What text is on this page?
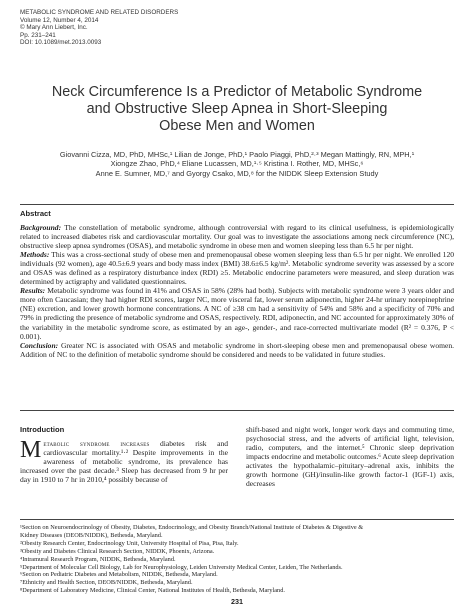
METABOLIC SYNDROME AND RELATED DISORDERS
Volume 12, Number 4, 2014
© Mary Ann Liebert, Inc.
Pp. 231–241
DOI: 10.1089/met.2013.0093
Neck Circumference Is a Predictor of Metabolic Syndrome
and Obstructive Sleep Apnea in Short-Sleeping
Obese Men and Women
Giovanni Cizza, MD, PhD, MHSc,¹ Lilian de Jonge, PhD,¹ Paolo Piaggi, PhD,²·³ Megan Mattingly, RN, MPH,¹
Xiongze Zhao, PhD,⁴ Eliane Lucassen, MD,¹·⁵ Kristina I. Rother, MD, MHSc,⁶
Anne E. Sumner, MD,⁷ and Gyorgy Csako, MD,⁸ for the NIDDK Sleep Extension Study
Abstract

Background: The constellation of metabolic syndrome, although controversial with regard to its clinical usefulness, is epidemiologically related to increased diabetes risk and cardiovascular mortality. Our goal was to investigate the associations among neck circumference (NC), obstructive sleep apnea syndromes (OSAS), and metabolic syndrome in obese men and women sleeping less than 6.5 hr per night.

Methods: This was a cross-sectional study of obese men and premenopausal obese women sleeping less than 6.5 hr per night. We enrolled 120 individuals (92 women), age 40.5±6.9 years and body mass index (BMI) 38.6±6.5 kg/m². Metabolic syndrome severity was assessed by a score and OSAS was defined as a respiratory disturbance index (RDI) ≥5. Metabolic endocrine parameters were measured, and sleep duration was determined by actigraphy and validated questionnaires.

Results: Metabolic syndrome was found in 41% and OSAS in 58% (28% had both). Subjects with metabolic syndrome were 3 years older and more often Caucasian; they had higher RDI scores, larger NC, more visceral fat, lower serum adiponectin, higher 24-hr urinary norepinephrine (NE) excretion, and lower growth hormone concentrations. A NC of ≥38 cm had a sensitivity of 54% and 58% and a specificity of 70% and 79% in predicting the presence of metabolic syndrome and OSAS, respectively. RDI, adiponectin, and NC accounted for approximately 30% of the variability in the metabolic syndrome score, as estimated by an age-, gender-, and race-corrected multivariate model (R² = 0.376, P < 0.001).

Conclusion: Greater NC is associated with OSAS and metabolic syndrome in short-sleeping obese men and premenopausal obese women. Addition of NC to the definition of metabolic syndrome should be considered and needs to be validated in future studies.

Introduction

Metabolic syndrome increases diabetes risk and cardiovascular mortality.¹·² Despite improvements in the awareness of metabolic syndrome, its prevalence has increased over the past decade.³ Sleep has decreased from 9 hr per day in 1910 to 7 hr in 2010,⁴ possibly because of

shift-based and night work, longer work days and commuting time, psychosocial stress, and the adverts of artificial light, television, radio, computers, and the internet.⁵ Chronic sleep deprivation impacts endocrine and metabolic outcomes.⁶ Acute sleep deprivation activates the hypothalamic–pituitary–adrenal axis, inhibits the growth hormone (GH)/insulin-like growth factor-1 (IGF-1) axis, decreases

¹Section on Neuroendocrinology of Obesity, Diabetes, Endocrinology, and Obesity Branch/National Institute of Diabetes & Digestive &
Kidney Diseases (DEOB/NIDDK), Bethesda, Maryland.
²Obesity Research Center, Endocrinology Unit, University Hospital of Pisa, Pisa, Italy.
³Obesity and Diabetes Clinical Research Section, NIDDK, Phoenix, Arizona.
⁴Intramural Research Program, NIDDK, Bethesda, Maryland.
⁵Department of Molecular Cell Biology, Lab for Neurophysiology, Leiden University Medical Center, Leiden, The Netherlands.
⁶Section on Pediatric Diabetes and Metabolism, NIDDK, Bethesda, Maryland.
⁷Ethnicity and Health Section, DEOB/NIDDK, Bethesda, Maryland.
⁸Department of Laboratory Medicine, Clinical Center, National Institutes of Health, Bethesda, Maryland.
231
